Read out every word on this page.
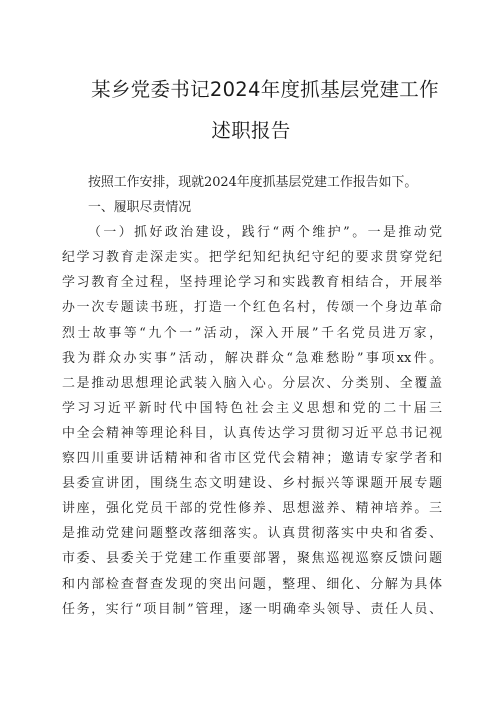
某乡党委书记2024年度抓基层党建工作
述职报告
按照工作安排，现就2024年度抓基层党建工作报告如下。
一、履职尽责情况
（一）抓好政治建设，践行“两个维护”。一是推动党
纪学习教育走深走实。把学纪知纪执纪守纪的要求贯穿党纪
学习教育全过程，坚持理论学习和实践教育相结合，开展举
办一次专题读书班，打造一个红色名村，传颂一个身边革命
烈士故事等“九个一”活动，深入开展”千名党员进万家，
我为群众办实事”活动，解决群众“急难愁盼”事项xx件。
二是推动思想理论武装入脑入心。分层次、分类别、全覆盖
学习习近平新时代中国特色社会主义思想和党的二十届三
中全会精神等理论科目，认真传达学习贯彻习近平总书记视
察四川重要讲话精神和省市区党代会精神；邀请专家学者和
县委宣讲团，围绕生态文明建设、乡村振兴等课题开展专题
讲座，强化党员干部的党性修养、思想滋养、精神培养。三
是推动党建问题整改落细落实。认真贯彻落实中央和省委、
市委、县委关于党建工作重要部署，聚焦巡视巡察反馈问题
和内部检查督查发现的突出问题，整理、细化、分解为具体
任务，实行“项目制”管理，逐一明确牵头领导、责任人员、
